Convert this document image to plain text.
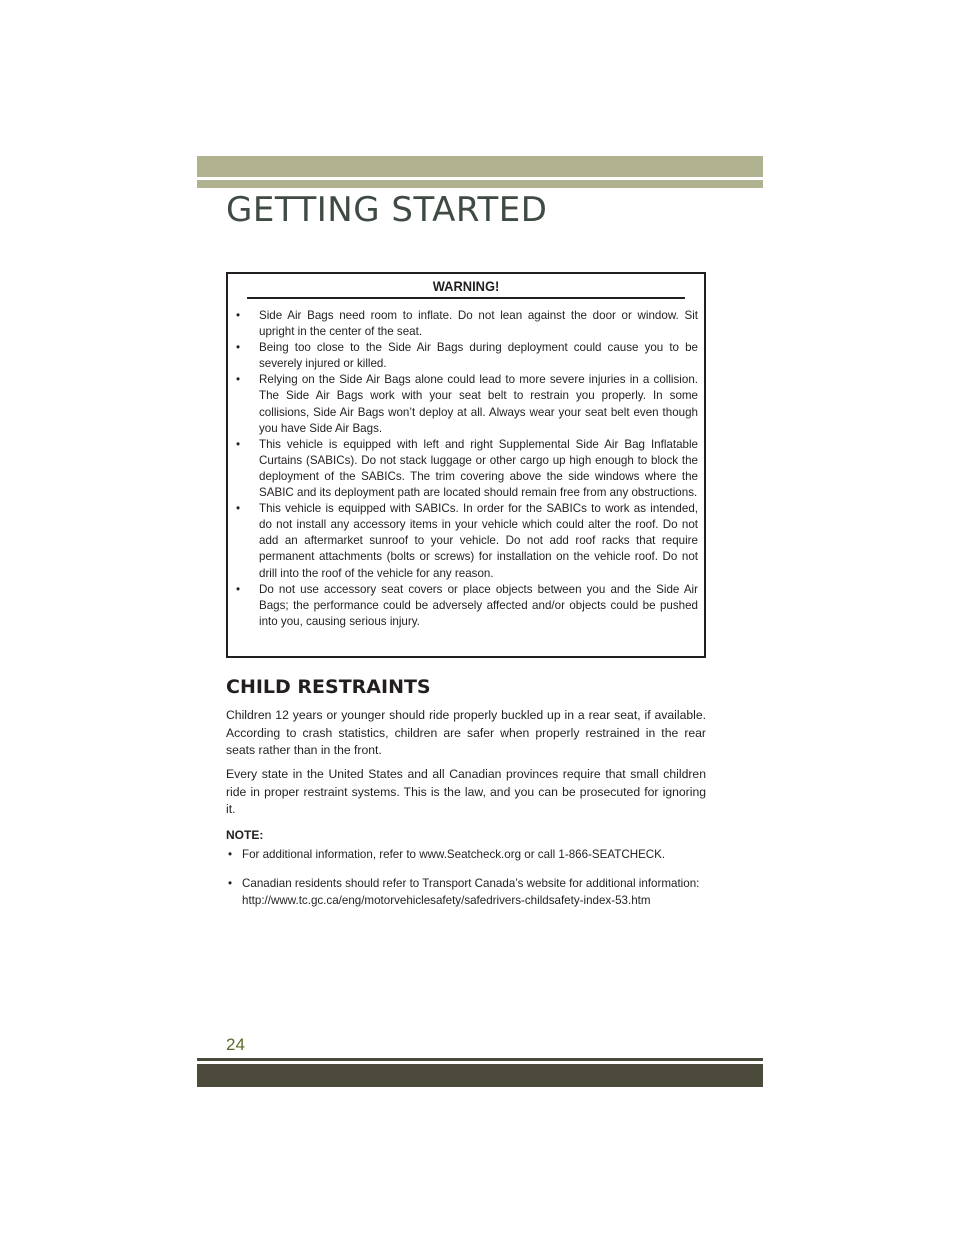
GETTING STARTED
WARNING!
• Side Air Bags need room to inflate. Do not lean against the door or window. Sit upright in the center of the seat.
• Being too close to the Side Air Bags during deployment could cause you to be severely injured or killed.
• Relying on the Side Air Bags alone could lead to more severe injuries in a collision. The Side Air Bags work with your seat belt to restrain you properly. In some collisions, Side Air Bags won’t deploy at all. Always wear your seat belt even though you have Side Air Bags.
• This vehicle is equipped with left and right Supplemental Side Air Bag Inflatable Curtains (SABICs). Do not stack luggage or other cargo up high enough to block the deployment of the SABICs. The trim covering above the side windows where the SABIC and its deployment path are located should remain free from any obstructions.
• This vehicle is equipped with SABICs. In order for the SABICs to work as intended, do not install any accessory items in your vehicle which could alter the roof. Do not add an aftermarket sunroof to your vehicle. Do not add roof racks that require permanent attachments (bolts or screws) for installation on the vehicle roof. Do not drill into the roof of the vehicle for any reason.
• Do not use accessory seat covers or place objects between you and the Side Air Bags; the performance could be adversely affected and/or objects could be pushed into you, causing serious injury.
CHILD RESTRAINTS

Children 12 years or younger should ride properly buckled up in a rear seat, if available. According to crash statistics, children are safer when properly restrained in the rear seats rather than in the front.

Every state in the United States and all Canadian provinces require that small children ride in proper restraint systems. This is the law, and you can be prosecuted for ignoring it.

NOTE:
• For additional information, refer to www.Seatcheck.org or call 1-866-SEATCHECK.
• Canadian residents should refer to Transport Canada’s website for additional information:
http://www.tc.gc.ca/eng/motorvehiclesafety/safedrivers-childsafety-index-53.htm
24
